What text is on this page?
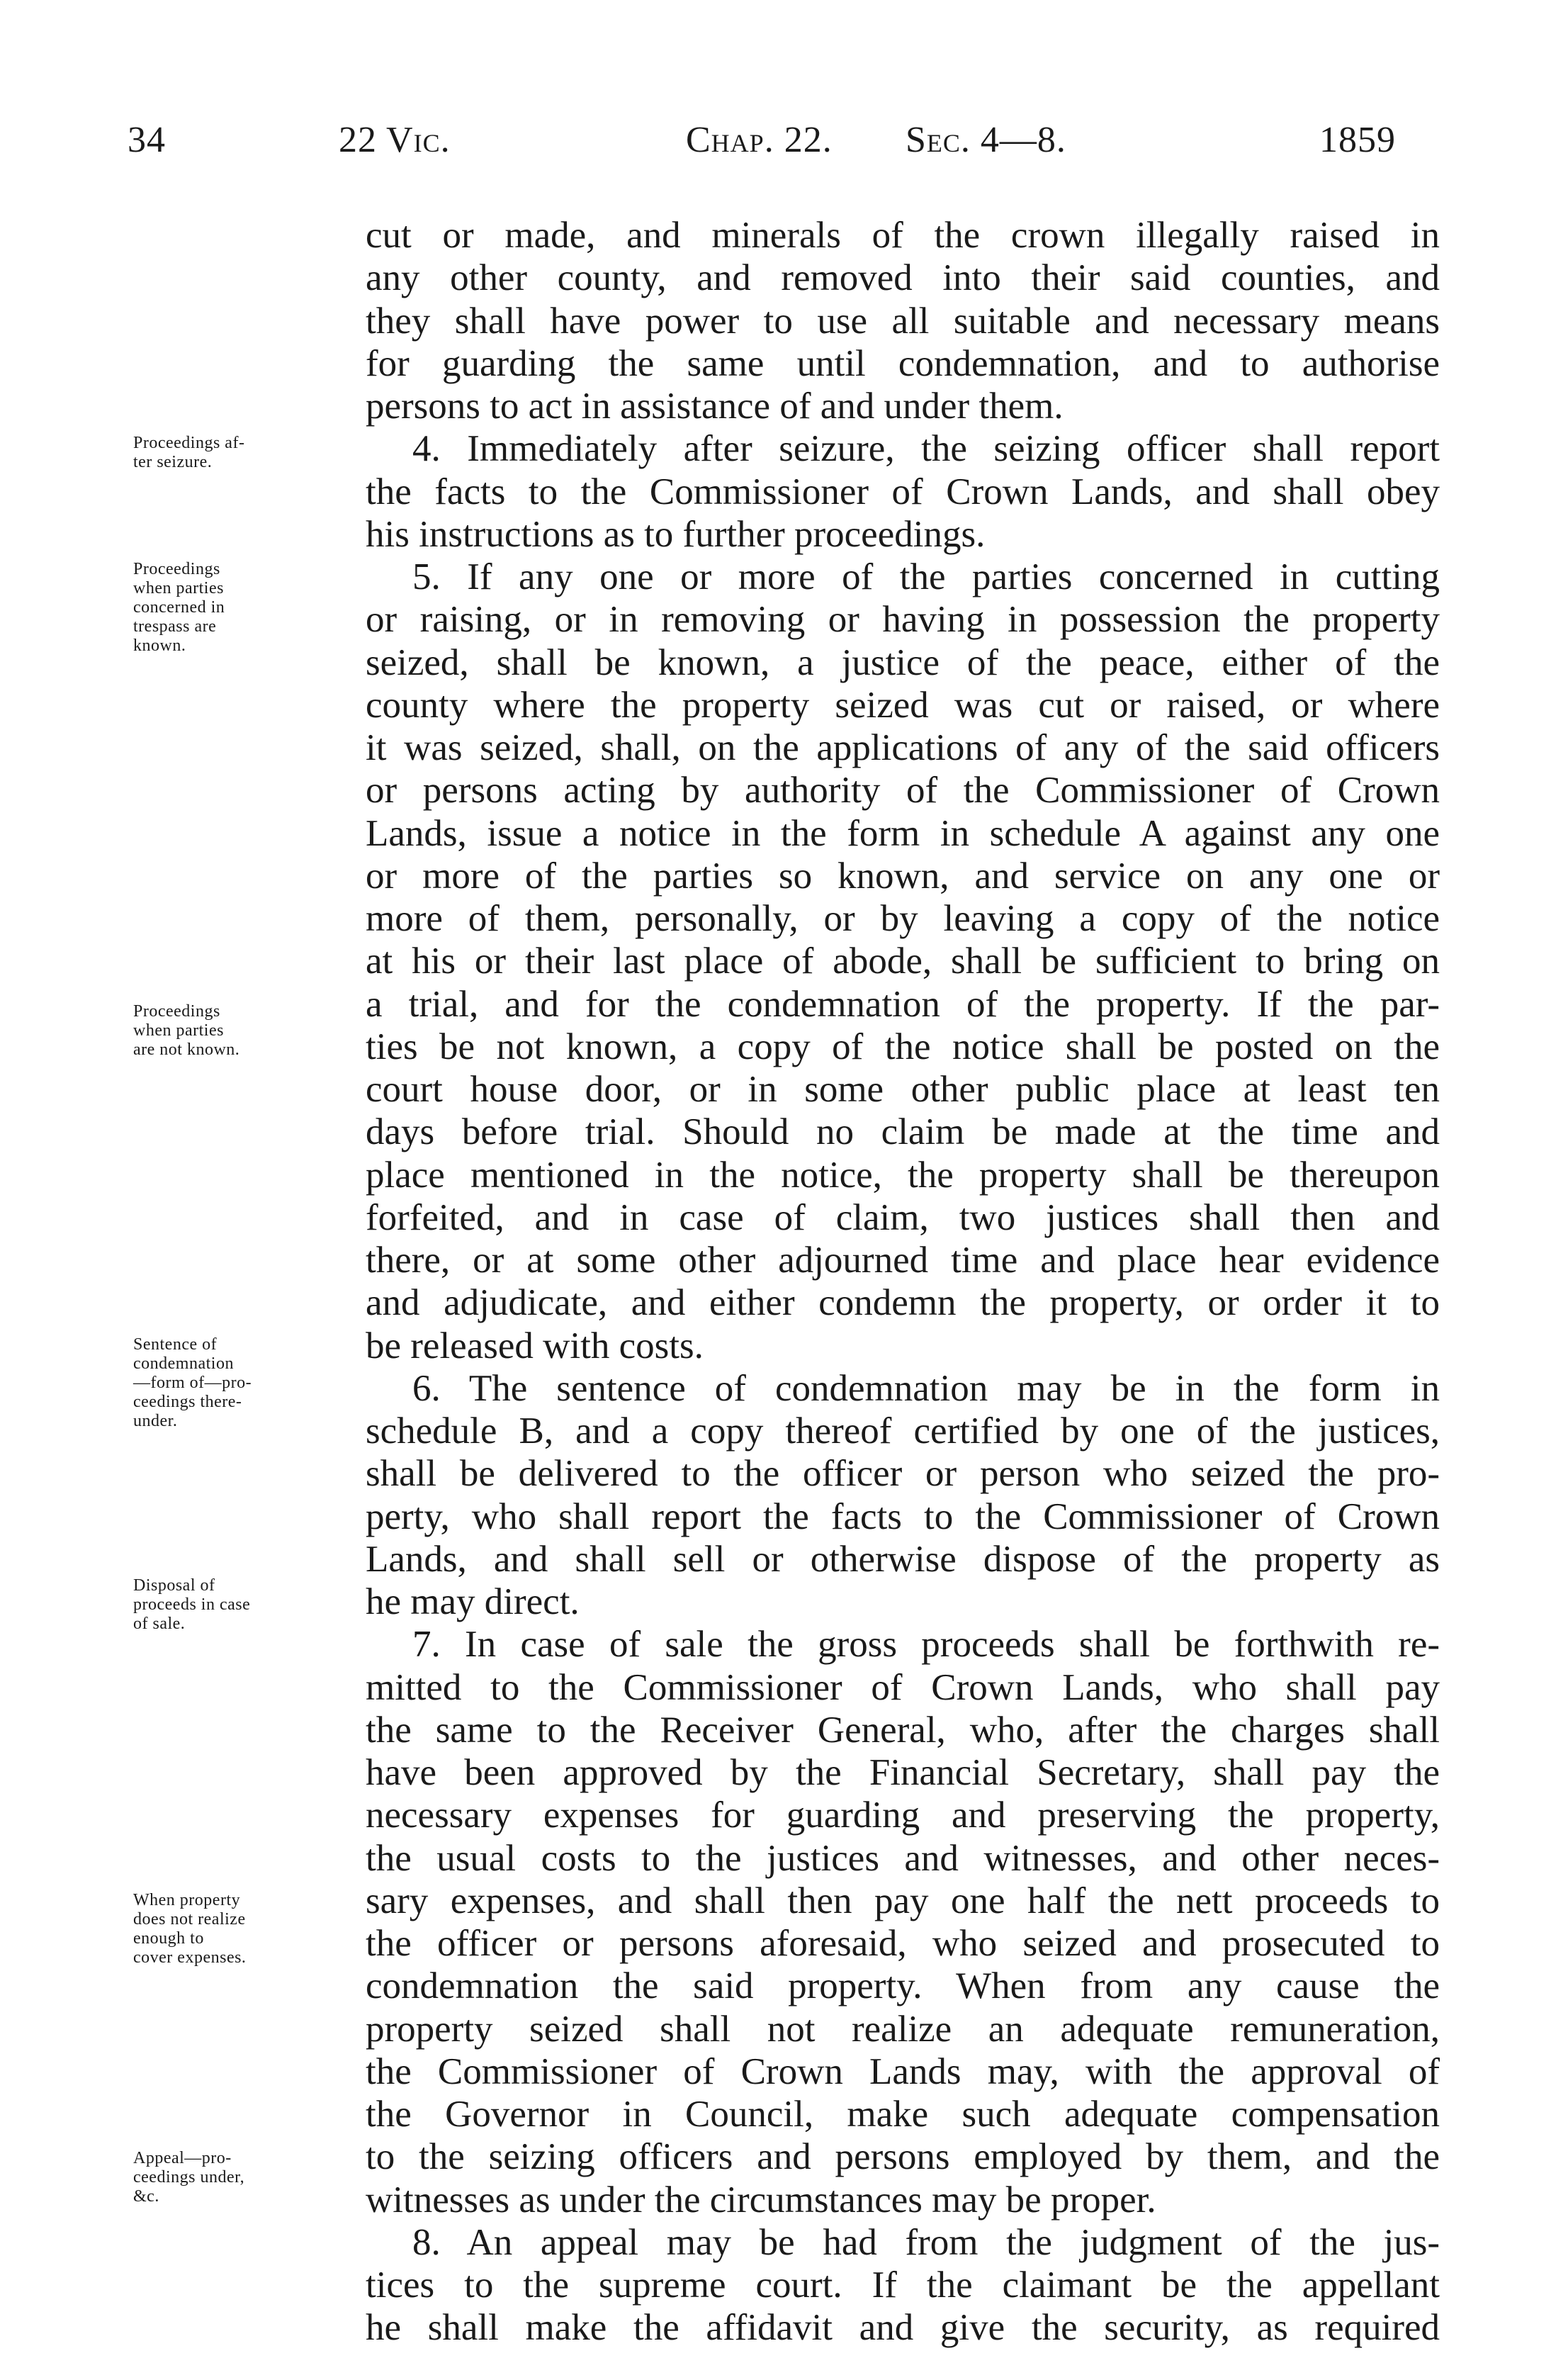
34	22 Vic.	Chap. 22. Sec. 4—8.	1859
cut or made, and minerals of the crown illegally raised in
any other county, and removed into their said counties, and
they shall have power to use all suitable and necessary means
for guarding the same until condemnation, and to authorise
persons to act in assistance of and under them.
4. Immediately after seizure, the seizing officer shall report
the facts to the Commissioner of Crown Lands, and shall obey
his instructions as to further proceedings.
5. If any one or more of the parties concerned in cutting
or raising, or in removing or having in possession the property
seized, shall be known, a justice of the peace, either of the
county where the property seized was cut or raised, or where
it was seized, shall, on the applications of any of the said officers
or persons acting by authority of the Commissioner of Crown
Lands, issue a notice in the form in schedule A against any one
or more of the parties so known, and service on any one or
more of them, personally, or by leaving a copy of the notice
at his or their last place of abode, shall be sufficient to bring on
a trial, and for the condemnation of the property. If the par-
ties be not known, a copy of the notice shall be posted on the
court house door, or in some other public place at least ten
days before trial. Should no claim be made at the time and
place mentioned in the notice, the property shall be thereupon
forfeited, and in case of claim, two justices shall then and
there, or at some other adjourned time and place hear evidence
and adjudicate, and either condemn the property, or order it to
be released with costs.
6. The sentence of condemnation may be in the form in
schedule B, and a copy thereof certified by one of the justices,
shall be delivered to the officer or person who seized the pro-
perty, who shall report the facts to the Commissioner of Crown
Lands, and shall sell or otherwise dispose of the property as
he may direct.
7. In case of sale the gross proceeds shall be forthwith re-
mitted to the Commissioner of Crown Lands, who shall pay
the same to the Receiver General, who, after the charges shall
have been approved by the Financial Secretary, shall pay the
necessary expenses for guarding and preserving the property,
the usual costs to the justices and witnesses, and other neces-
sary expenses, and shall then pay one half the nett proceeds to
the officer or persons aforesaid, who seized and prosecuted to
condemnation the said property. When from any cause the
property seized shall not realize an adequate remuneration,
the Commissioner of Crown Lands may, with the approval of
the Governor in Council, make such adequate compensation
to the seizing officers and persons employed by them, and the
witnesses as under the circumstances may be proper.
8. An appeal may be had from the judgment of the jus-
tices to the supreme court. If the claimant be the appellant
he shall make the affidavit and give the security, as required
Proceedings af-
ter seizure.
Proceedings
when parties
concerned in
trespass are
known.
Proceedings
when parties
are not known.
Sentence of
condemnation
—form of—pro-
ceedings there-
under.
Disposal of
proceeds in case
of sale.
When property
does not realize
enough to
cover expenses.
Appeal—pro-
ceedings under,
&c.
